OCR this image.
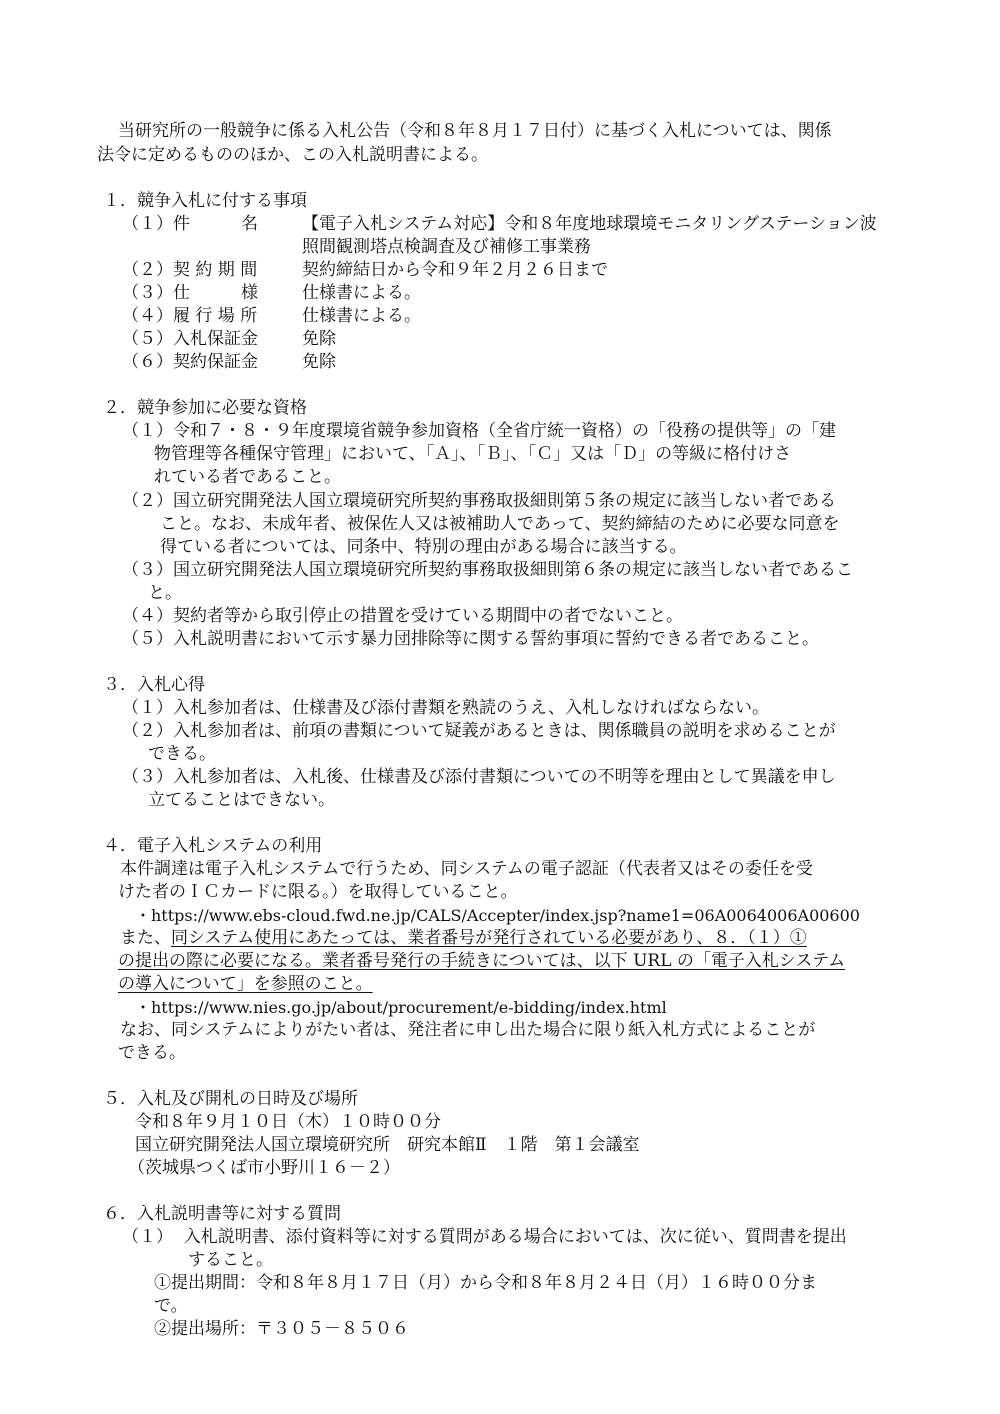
当研究所の一般競争に係る入札公告（令和８年８月１７日付）に基づく入札については、関係
法令に定めるもののほか、この入札説明書による。
１．競争入札に付する事項
（１）件　　　名	【電子入札システム対応】令和８年度地球環境モニタリングステーション波
照間観測塔点検調査及び補修工事業務
（２）契 約 期 間	契約締結日から令和９年２月２６日まで
（３）仕　　　様	仕様書による。
（４）履 行 場 所	仕様書による。
（５）入札保証金	免除
（６）契約保証金	免除
２．競争参加に必要な資格
（１）令和７・８・９年度環境省競争参加資格（全省庁統一資格）の「役務の提供等」の「建
物管理等各種保守管理」において、「Ａ」、「Ｂ」、「Ｃ」又は「Ｄ」の等級に格付けさ
れている者であること。
（２）国立研究開発法人国立環境研究所契約事務取扱細則第５条の規定に該当しない者である
こと。なお、未成年者、被保佐人又は被補助人であって、契約締結のために必要な同意を
得ている者については、同条中、特別の理由がある場合に該当する。
（３）国立研究開発法人国立環境研究所契約事務取扱細則第６条の規定に該当しない者であるこ
と。
（４）契約者等から取引停止の措置を受けている期間中の者でないこと。
（５）入札説明書において示す暴力団排除等に関する誓約事項に誓約できる者であること。
３．入札心得
（１）入札参加者は、仕様書及び添付書類を熟読のうえ、入札しなければならない。
（２）入札参加者は、前項の書類について疑義があるときは、関係職員の説明を求めることが
できる。
（３）入札参加者は、入札後、仕様書及び添付書類についての不明等を理由として異議を申し
立てることはできない。
４．電子入札システムの利用
本件調達は電子入札システムで行うため、同システムの電子認証（代表者又はその委任を受
けた者のＩＣカードに限る。）を取得していること。
・https://www.ebs-cloud.fwd.ne.jp/CALS/Accepter/index.jsp?name1=06A0064006A00600
また、同システム使用にあたっては、業者番号が発行されている必要があり、８．（１）①
の提出の際に必要になる。業者番号発行の手続きについては、以下 URL の「電子入札システム
の導入について」を参照のこと。
・https://www.nies.go.jp/about/procurement/e-bidding/index.html
なお、同システムによりがたい者は、発注者に申し出た場合に限り紙入札方式によることが
できる。
５．入札及び開札の日時及び場所
令和８年９月１０日（木）１０時００分
国立研究開発法人国立環境研究所　研究本館Ⅱ　１階　第１会議室
（茨城県つくば市小野川１６－２）
６．入札説明書等に対する質問
（１）  入札説明書、添付資料等に対する質問がある場合においては、次に従い、質問書を提出
すること。
①提出期間：令和８年８月１７日（月）から令和８年８月２４日（月）１６時００分ま
で。
②提出場所：〒３０５－８５０６
